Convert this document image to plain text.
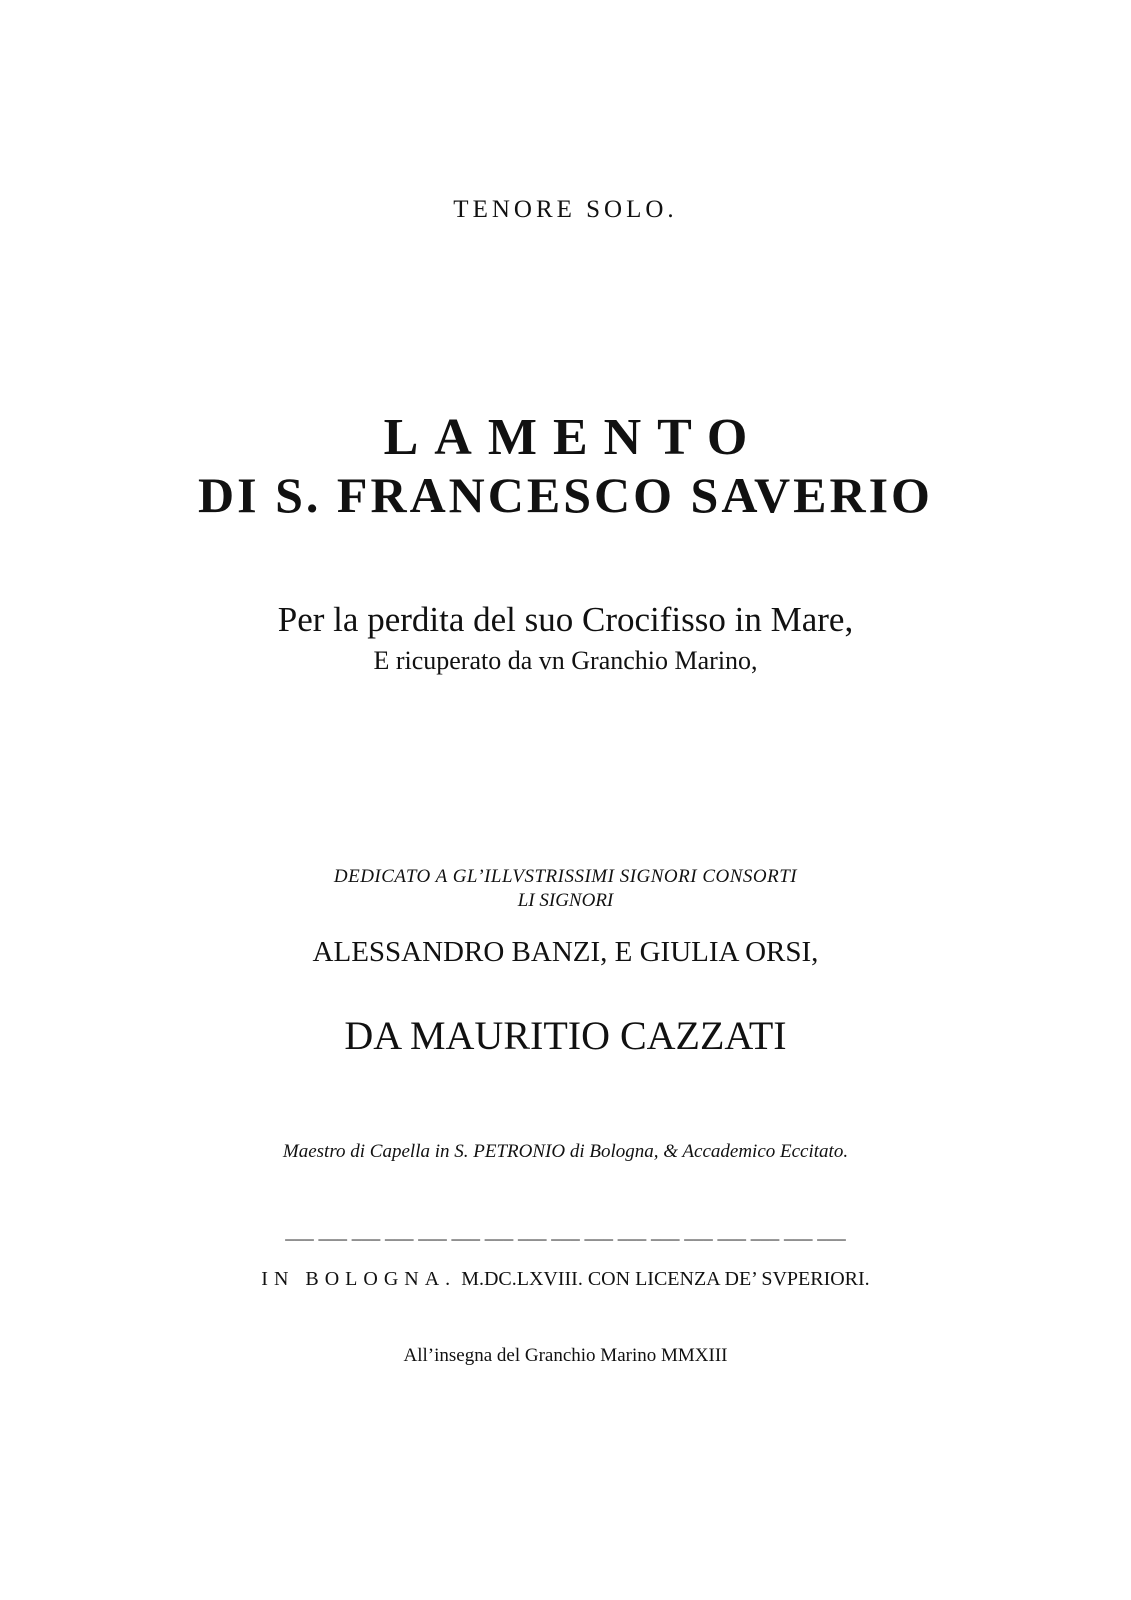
TENORE SOLO.

LAMENTO
DI S. FRANCESCO SAVERIO

Per la perdita del suo Crocifisso in Mare,

E ricuperato da vn Granchio Marino,

DEDICATO A GL’ILLVSTRISSIMI SIGNORI CONSORTI

LI SIGNORI

ALESSANDRO BANZI, E GIULIA ORSI,

DA MAURITIO CAZZATI

Maestro di Capella in S. PETRONIO di Bologna, & Accademico Eccitato.

___ ___ ___ ___ ___ ___ ___ ___ ___ ___ ___ ___ ___ ___ ___ ___ ___

IN BOLOGNA. M.DC.LXVIII. CON LICENZA DE’ SVPERIORI.

All’insegna del Granchio Marino MMXIII
